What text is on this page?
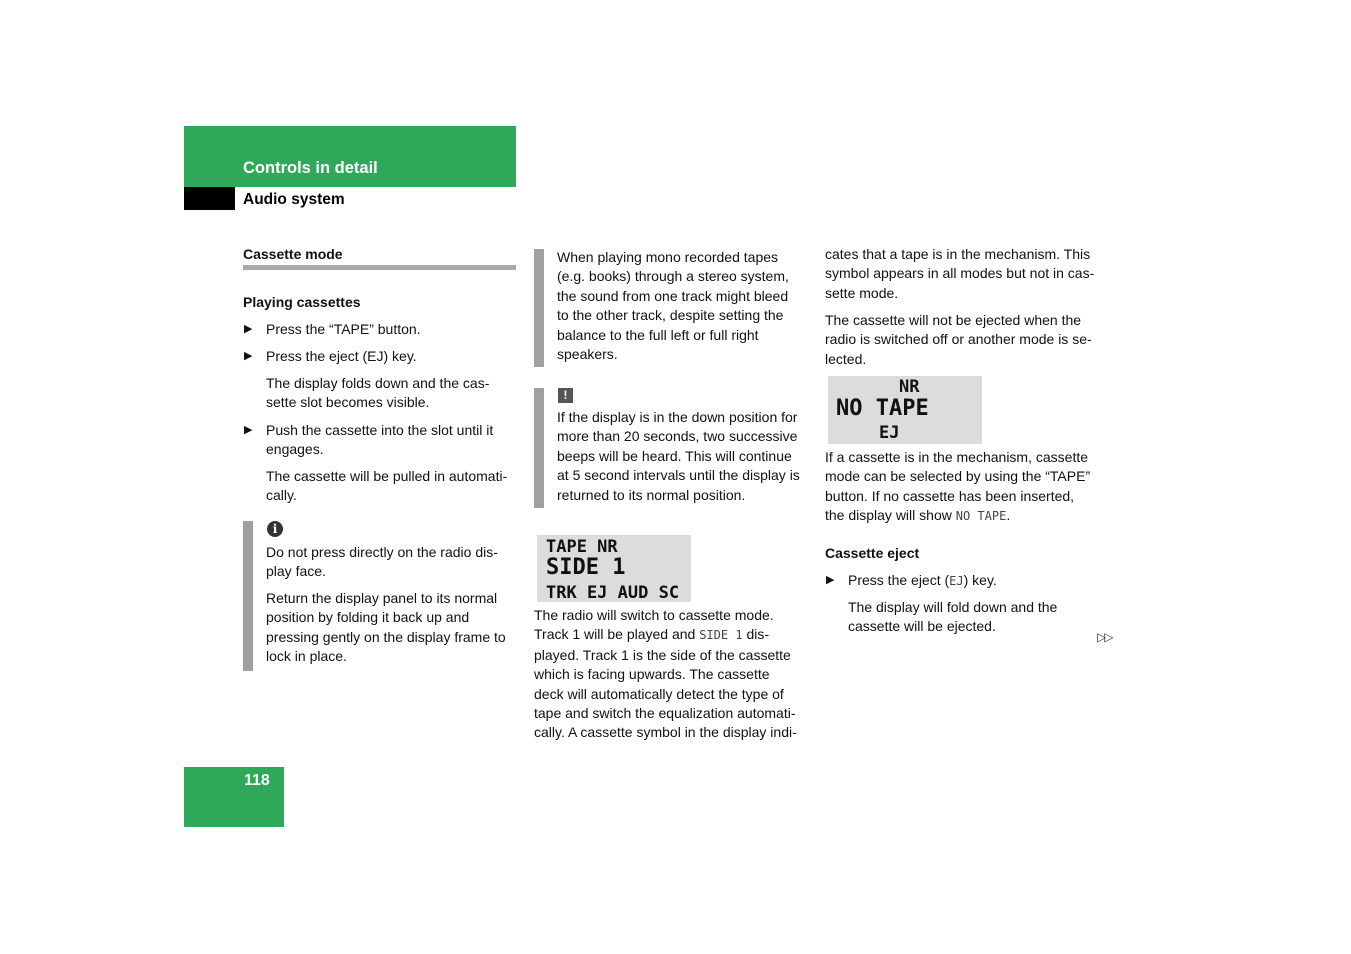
Controls in detail
Audio system
Cassette mode
Playing cassettes
▶ Press the “TAPE” button.
▶ Press the eject (EJ) key.
The display folds down and the cas-
sette slot becomes visible.
▶ Push the cassette into the slot until it
engages.
The cassette will be pulled in automati-
cally.
i
Do not press directly on the radio dis-
play face.
Return the display panel to its normal
position by folding it back up and
pressing gently on the display frame to
lock in place.
When playing mono recorded tapes
(e.g. books) through a stereo system,
the sound from one track might bleed
to the other track, despite setting the
balance to the full left or full right
speakers.
!
If the display is in the down position for
more than 20 seconds, two successive
beeps will be heard. This will continue
at 5 second intervals until the display is
returned to its normal position.
TAPE NR
SIDE 1
TRK EJ AUD SC
The radio will switch to cassette mode.
Track 1 will be played and SIDE 1 dis-
played. Track 1 is the side of the cassette
which is facing upwards. The cassette
deck will automatically detect the type of
tape and switch the equalization automati-
cally. A cassette symbol in the display indi-
cates that a tape is in the mechanism. This
symbol appears in all modes but not in cas-
sette mode.
The cassette will not be ejected when the
radio is switched off or another mode is se-
lected.
NR
NO TAPE
EJ
If a cassette is in the mechanism, cassette
mode can be selected by using the “TAPE”
button. If no cassette has been inserted,
the display will show NO TAPE.
Cassette eject
▶ Press the eject (EJ) key.
The display will fold down and the
cassette will be ejected.
▷▷
118
